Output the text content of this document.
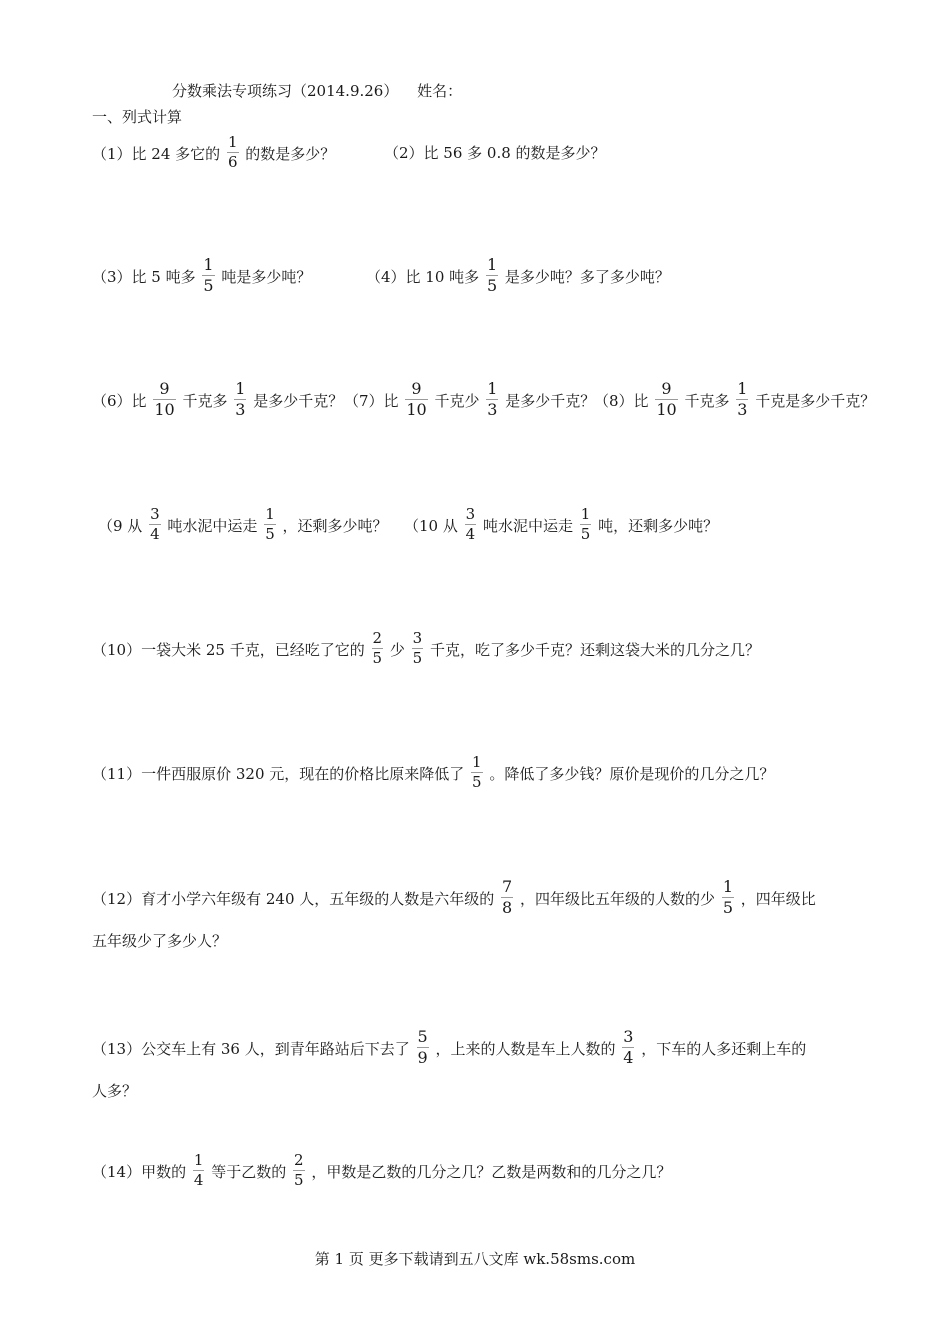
分数乘法专项练习（2014.9.26） 姓名：
一、列式计算
（1）比 24 多它的 $\frac{1}{6}$ 的数是多少？	（2）比 56 多 0.8 的数是多少？
（3）比 5 吨多 $\frac{1}{5}$ 吨是多少吨？	（4）比 10 吨多 $\frac{1}{5}$ 是多少吨？多了多少吨？
（6）比 $\frac{9}{10}$ 千克多 $\frac{1}{3}$ 是多少千克？ （7）比 $\frac{9}{10}$ 千克少 $\frac{1}{3}$ 是多少千克？
（8）比 $\frac{9}{10}$ 千克多 $\frac{1}{3}$ 千克是多少千克？
（9 从 $\frac{3}{4}$ 吨水泥中运走 $\frac{1}{5}$ ，还剩多少吨？ （10 从 $\frac{3}{4}$ 吨水泥中运走 $\frac{1}{5}$ 吨，还剩多少吨？
（10）一袋大米 25 千克，已经吃了它的 $\frac{2}{5}$ 少 $\frac{3}{5}$ 千克，吃了多少千克？还剩这袋大米的几分之几？
（11）一件西服原价 320 元，现在的价格比原来降低了 $\frac{1}{5}$ 。降低了多少钱？原价是现价的几分之几？
（12）育才小学六年级有 240 人，五年级的人数是六年级的 $\frac{7}{8}$ ，四年级比五年级的人数的少 $\frac{1}{5}$ ，四年级比
五年级少了多少人？
（13）公交车上有 36 人，到青年路站后下去了 $\frac{5}{9}$ ，上来的人数是车上人数的 $\frac{3}{4}$ ，下车的人多还剩上车的
人多？
（14）甲数的 $\frac{1}{4}$ 等于乙数的 $\frac{2}{5}$ ，甲数是乙数的几分之几？乙数是两数和的几分之几？
第 1 页 更多下载请到五八文库 wk.58sms.com
